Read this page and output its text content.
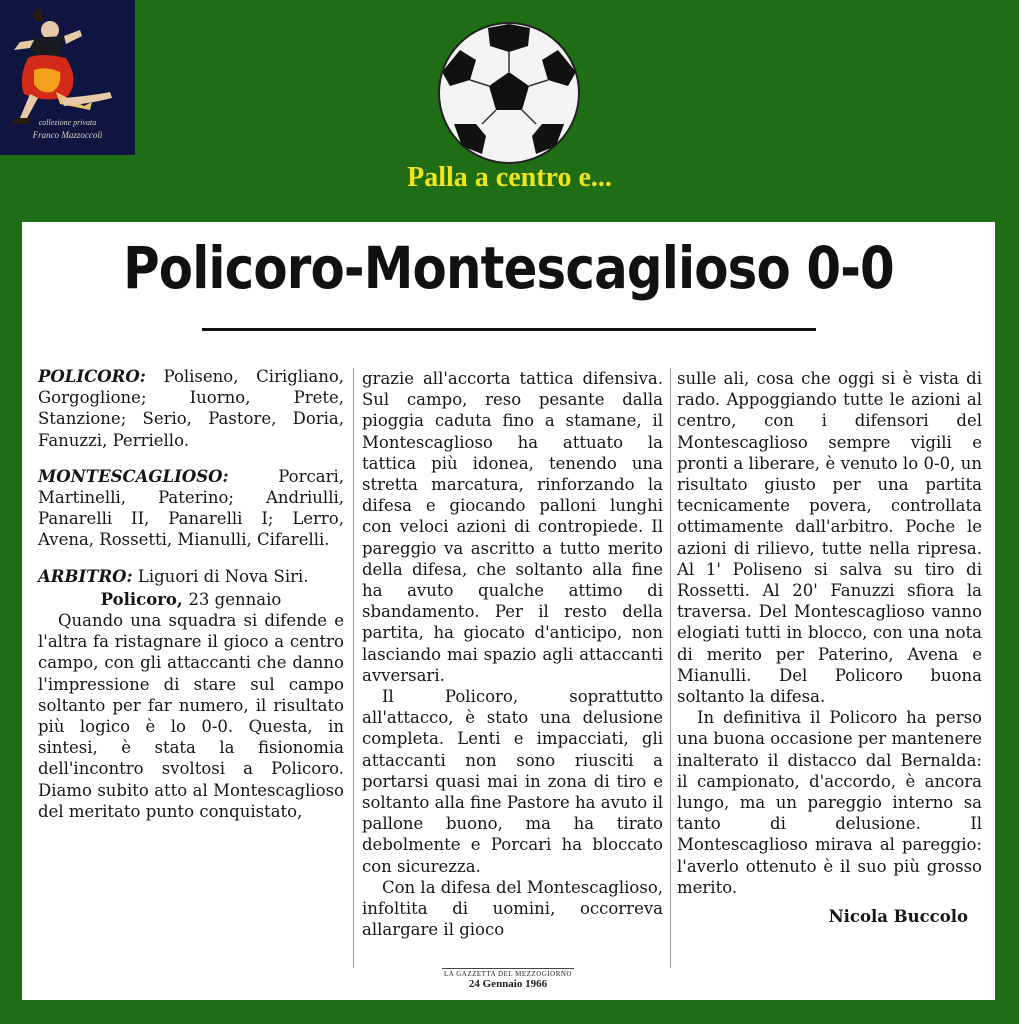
collezione privata
Franco Mazzoccoli
Palla a centro e...
Policoro-Montescaglioso 0-0

POLICORO: Poliseno, Cirigliano, Gorgoglione; Iuorno, Prete, Stanzione; Serio, Pastore, Doria, Fanuzzi, Perriello.

MONTESCAGLIOSO:	Porcari, Martinelli, Paterino; Andriulli, Panarelli II, Panarelli I; Lerro, Avena, Rossetti, Mianulli, Cifarelli.

ARBITRO: Liguori di Nova Siri.

Policoro, 23 gennaio

Quando una squadra si difende e l'altra fa ristagnare il gioco a centro campo, con gli attaccanti che danno l'impressione di stare sul campo soltanto per far numero, il risultato più logico è lo 0-0. Questa, in sintesi, è stata la fisionomia dell'incontro svoltosi a Policoro. Diamo subito atto al Montescaglioso del meritato punto conquistato,

grazie all'accorta tattica difensiva. Sul campo, reso pesante dalla pioggia caduta fino a stamane, il Montescaglioso ha attuato la tattica più idonea, tenendo una stretta marcatura, rinforzando la difesa e giocando palloni lunghi con veloci azioni di contropiede. Il pareggio va ascritto a tutto merito della difesa, che soltanto alla fine ha avuto qualche attimo di sbandamento. Per il resto della partita, ha giocato d'anticipo, non lasciando mai spazio agli attaccanti avversari.

Il Policoro, soprattutto all'attacco, è stato una delusione completa. Lenti e impacciati, gli attaccanti non sono riusciti a portarsi quasi mai in zona di tiro e soltanto alla fine Pastore ha avuto il pallone buono, ma ha tirato debolmente e Porcari ha bloccato con sicurezza.

Con la difesa del Montescaglioso, infoltita di uomini, occorreva allargare il gioco

sulle ali, cosa che oggi si è vista di rado. Appoggiando tutte le azioni al centro, con i difensori del Montescaglioso sempre vigili e pronti a liberare, è venuto lo 0-0, un risultato giusto per una partita tecnicamente povera, controllata ottimamente dall'arbitro. Poche le azioni di rilievo, tutte nella ripresa. Al 1' Poliseno si salva su tiro di Rossetti. Al 20' Fanuzzi sfiora la traversa. Del Montescaglioso vanno elogiati tutti in blocco, con una nota di merito per Paterino, Avena e Mianulli. Del Policoro buona soltanto la difesa.

In definitiva il Policoro ha perso una buona occasione per mantenere inalterato il distacco dal Bernalda: il campionato, d'accordo, è ancora lungo, ma un pareggio interno sa tanto di delusione. Il Montescaglioso mirava al pareggio: l'averlo ottenuto è il suo più grosso merito.

Nicola Buccolo

LA GAZZETTA DEL MEZZOGIORNO
24 Gennaio 1966
